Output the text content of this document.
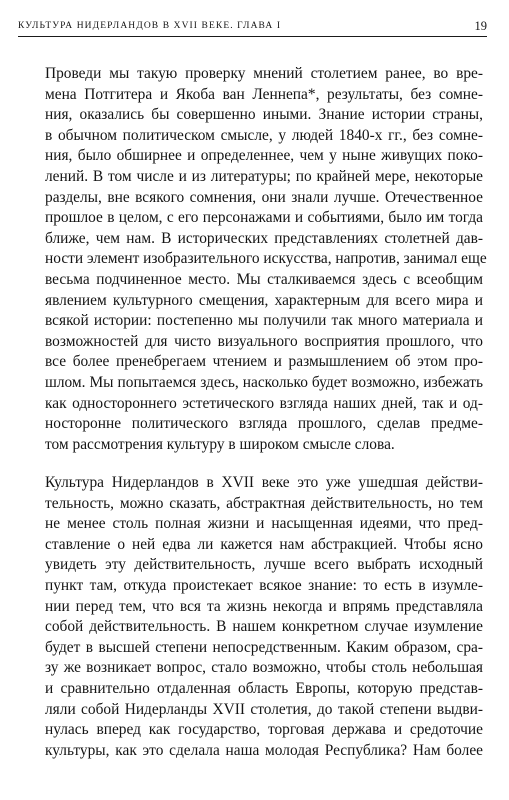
КУЛЬТУРА НИДЕРЛАНДОВ В XVII ВЕКЕ. ГЛАВА I	19
Проведи мы такую проверку мнений столетием ранее, во вре-
мена Потгитера и Якоба ван Леннепа*, результаты, без сомне-
ния, оказались бы совершенно иными. Знание истории страны,
в обычном политическом смысле, у людей 1840-х гг., без сомне-
ния, было обширнее и определеннее, чем у ныне живущих поко-
лений. В том числе и из литературы; по крайней мере, некоторые
разделы, вне всякого сомнения, они знали лучше. Отечественное
прошлое в целом, с его персонажами и событиями, было им тогда
ближе, чем нам. В исторических представлениях столетней дав-
ности элемент изобразительного искусства, напротив, занимал еще
весьма подчиненное место. Мы сталкиваемся здесь с всеобщим
явлением культурного смещения, характерным для всего мира и
всякой истории: постепенно мы получили так много материала и
возможностей для чисто визуального восприятия прошлого, что
все более пренебрегаем чтением и размышлением об этом про-
шлом. Мы попытаемся здесь, насколько будет возможно, избежать
как одностороннего эстетического взгляда наших дней, так и од-
носторонне политического взгляда прошлого, сделав предме-
том рассмотрения культуру в широком смысле слова.
Культура Нидерландов в XVII веке это уже ушедшая действи-
тельность, можно сказать, абстрактная действительность, но тем
не менее столь полная жизни и насыщенная идеями, что пред-
ставление о ней едва ли кажется нам абстракцией. Чтобы ясно
увидеть эту действительность, лучше всего выбрать исходный
пункт там, откуда проистекает всякое знание: то есть в изумле-
нии перед тем, что вся та жизнь некогда и впрямь представляла
собой действительность. В нашем конкретном случае изумление
будет в высшей степени непосредственным. Каким образом, сра-
зу же возникает вопрос, стало возможно, чтобы столь небольшая
и сравнительно отдаленная область Европы, которую представ-
ляли собой Нидерланды XVII столетия, до такой степени выдви-
нулась вперед как государство, торговая держава и средоточие
культуры, как это сделала наша молодая Республика? Нам более
